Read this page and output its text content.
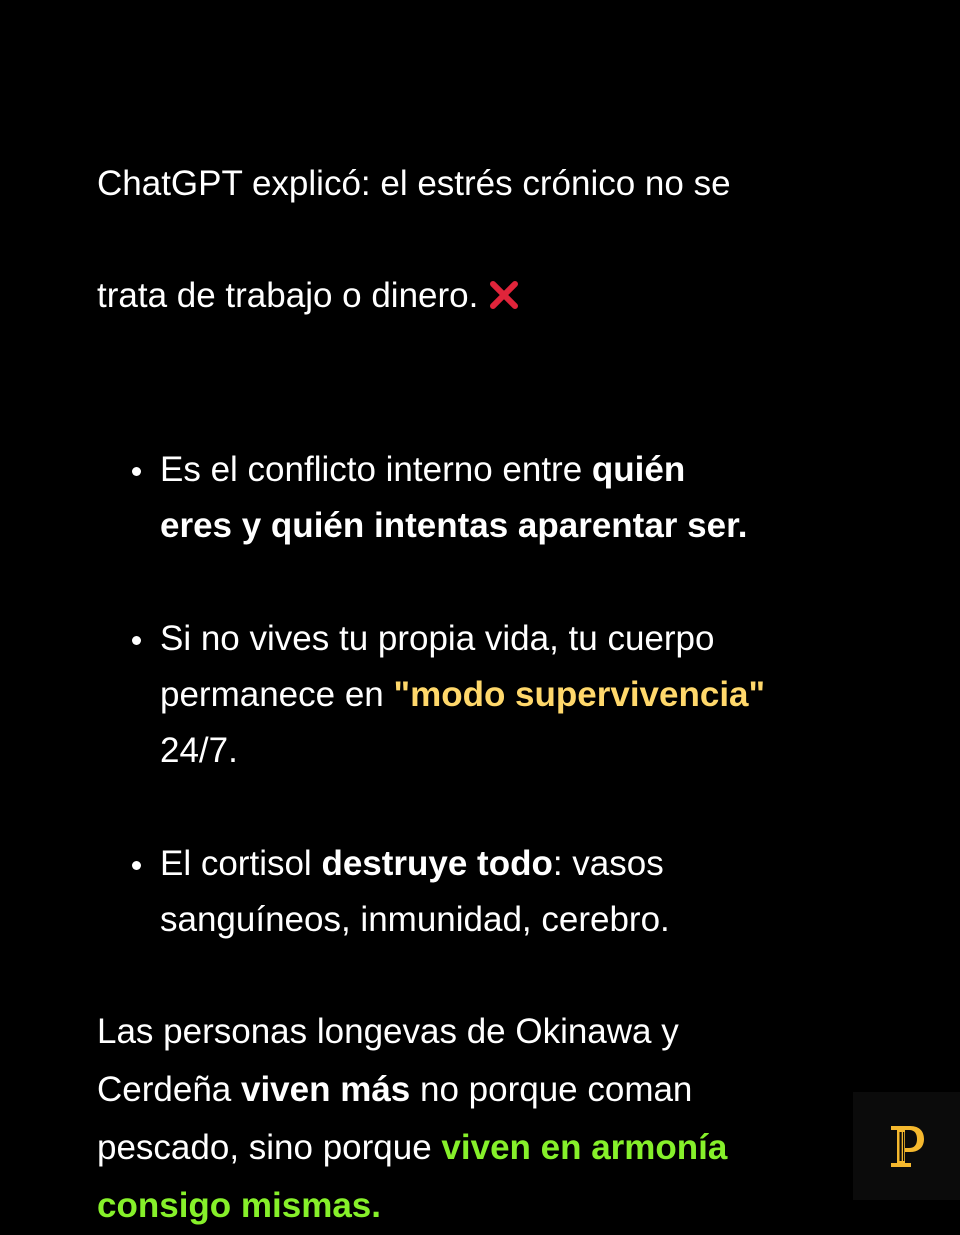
ChatGPT explicó: el estrés crónico no se

trata de trabajo o dinero.

Es el conflicto interno entre quién
eres y quién intentas aparentar ser.
Si no vives tu propia vida, tu cuerpo
permanece en "modo supervivencia"
24/7.
El cortisol destruye todo: vasos
sanguíneos, inmunidad, cerebro.
Las personas longevas de Okinawa y
Cerdeña viven más no porque coman
pescado, sino porque viven en armonía
consigo mismas.
